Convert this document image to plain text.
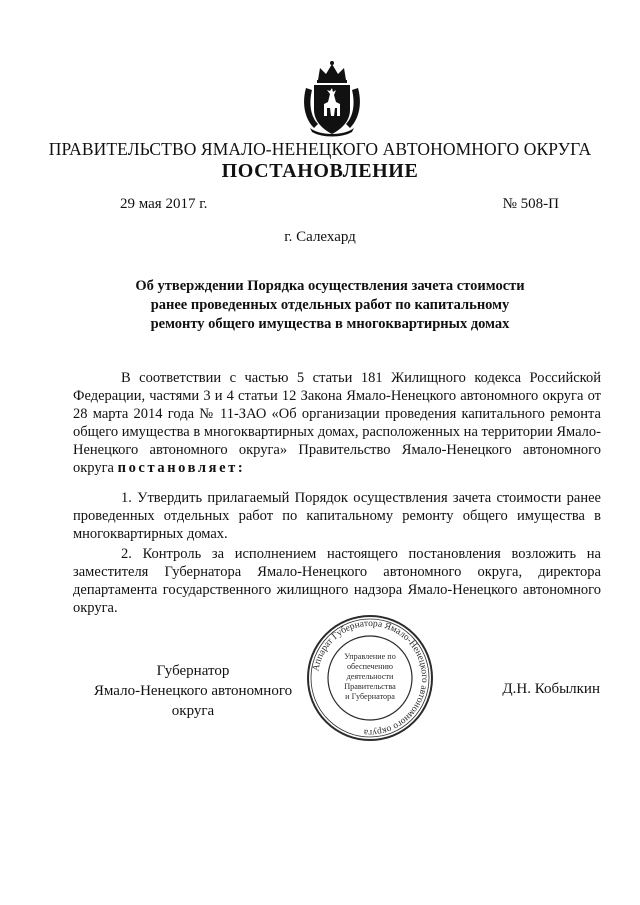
ПРАВИТЕЛЬСТВО ЯМАЛО-НЕНЕЦКОГО АВТОНОМНОГО ОКРУГА
ПОСТАНОВЛЕНИЕ
29 мая 2017 г.	№ 508-П
г. Салехард
Об утверждении Порядка осуществления зачета стоимости
ранее проведенных отдельных работ по капитальному
ремонту общего имущества в многоквартирных домах

В соответствии с частью 5 статьи 181 Жилищного кодекса Российской Федерации, частями 3 и 4 статьи 12 Закона Ямало-Ненецкого автономного округа от 28 марта 2014 года № 11-ЗАО «Об организации проведения капитального ремонта общего имущества в многоквартирных домах, расположенных на территории Ямало-Ненецкого автономного округа» Правительство Ямало-Ненецкого автономного округа постановляет:

1. Утвердить прилагаемый Порядок осуществления зачета стоимости ранее проведенных отдельных работ по капитальному ремонту общего имущества в многоквартирных домах.

2. Контроль за исполнением настоящего постановления возложить на заместителя Губернатора Ямало-Ненецкого автономного округа, директора департамента государственного жилищного надзора Ямало-Ненецкого автономного округа.

Губернатор
Ямало-Ненецкого автономного округа
Д.Н. Кобылкин
Аппарат Губернатора Ямало-Ненецкого автономного округа
Управление по
обеспечению
деятельности
Правительства
и Губернатора
